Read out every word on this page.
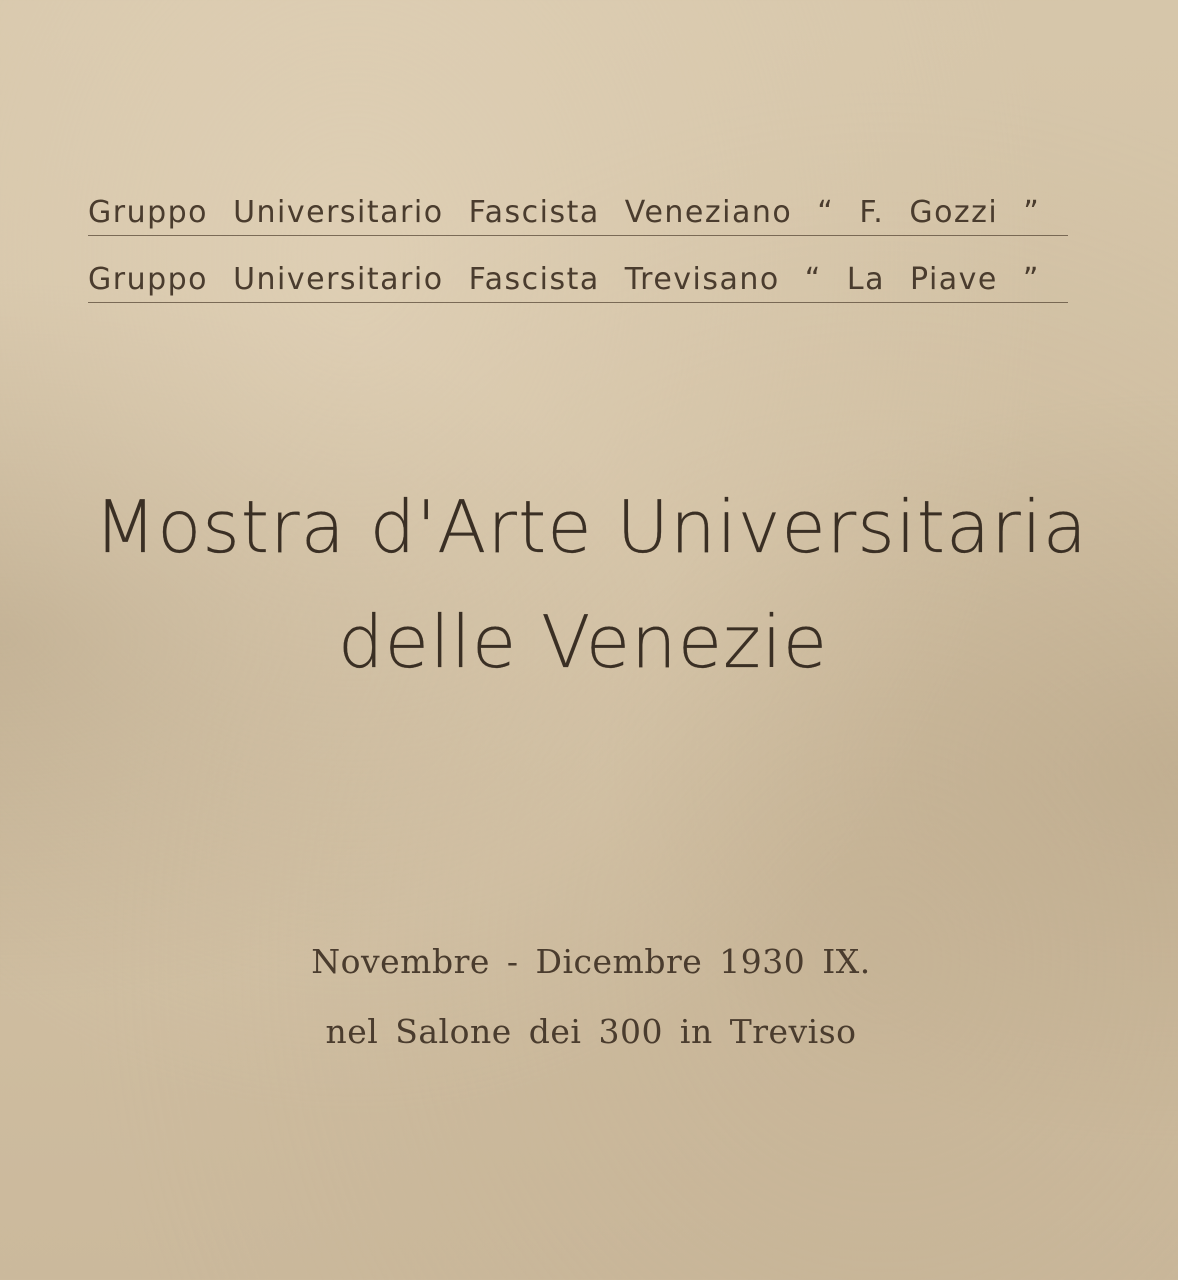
Gruppo Universitario Fascista Veneziano “ F. Gozzi ”
Gruppo Universitario Fascista Trevisano “ La Piave ”
Mostra d'Arte Universitaria
delle Venezie
Novembre - Dicembre 1930 IX.
nel Salone dei 300 in Treviso
